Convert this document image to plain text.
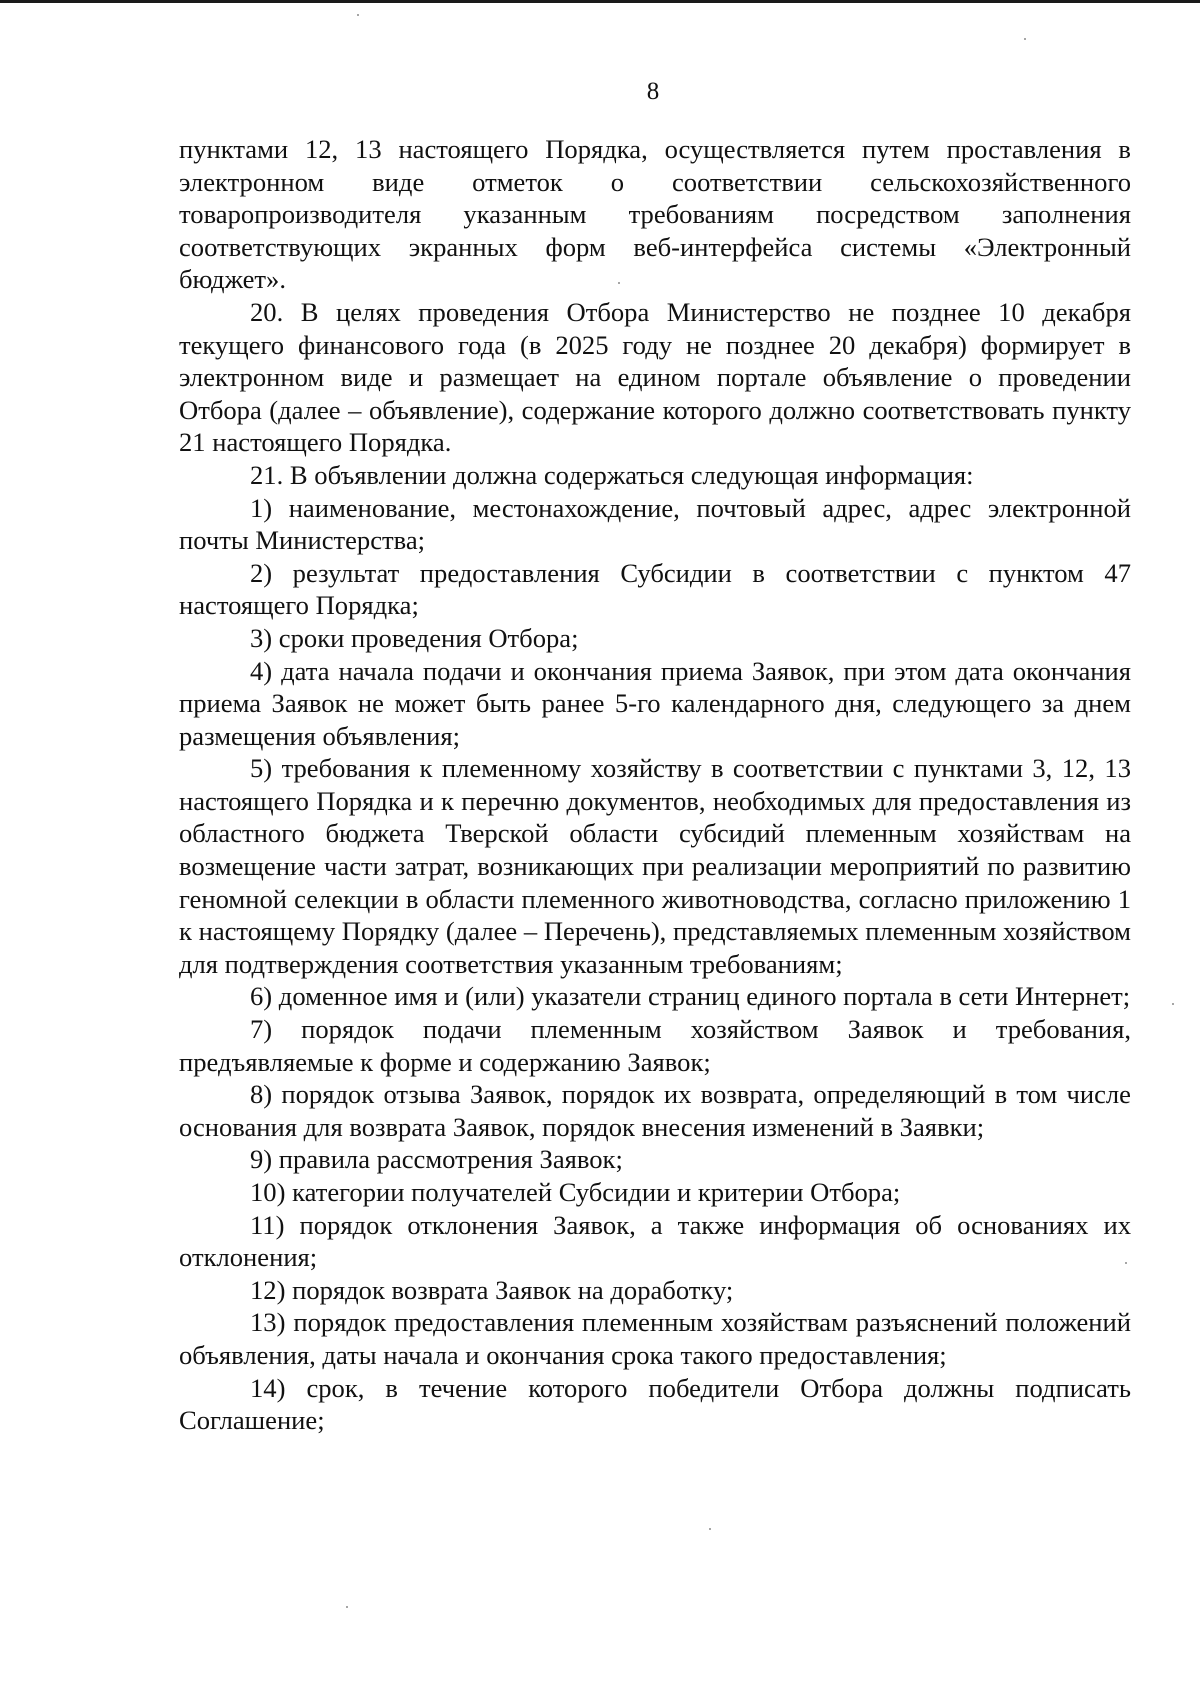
8

пунктами 12, 13 настоящего Порядка, осуществляется путем проставления в электронном виде отметок о соответствии сельскохозяйственного товаропроизводителя указанным требованиям посредством заполнения соответствующих экранных форм веб-интерфейса системы «Электронный бюджет».

20. В целях проведения Отбора Министерство не позднее 10 декабря текущего финансового года (в 2025 году не позднее 20 декабря) формирует в электронном виде и размещает на едином портале объявление о проведении Отбора (далее – объявление), содержание которого должно соответствовать пункту 21 настоящего Порядка.

21. В объявлении должна содержаться следующая информация:

1) наименование, местонахождение, почтовый адрес, адрес электронной почты Министерства;

2) результат предоставления Субсидии в соответствии с пунктом 47 настоящего Порядка;

3) сроки проведения Отбора;

4) дата начала подачи и окончания приема Заявок, при этом дата окончания приема Заявок не может быть ранее 5-го календарного дня, следующего за днем размещения объявления;

5) требования к племенному хозяйству в соответствии с пунктами 3, 12, 13 настоящего Порядка и к перечню документов, необходимых для предоставления из областного бюджета Тверской области субсидий племенным хозяйствам на возмещение части затрат, возникающих при реализации мероприятий по развитию геномной селекции в области племенного животноводства, согласно приложению 1 к настоящему Порядку (далее – Перечень), представляемых племенным хозяйством для подтверждения соответствия указанным требованиям;

6) доменное имя и (или) указатели страниц единого портала в сети Интернет;

7) порядок подачи племенным хозяйством Заявок и требования, предъявляемые к форме и содержанию Заявок;

8) порядок отзыва Заявок, порядок их возврата, определяющий в том числе основания для возврата Заявок, порядок внесения изменений в Заявки;

9) правила рассмотрения Заявок;

10) категории получателей Субсидии и критерии Отбора;

11) порядок отклонения Заявок, а также информация об основаниях их отклонения;

12) порядок возврата Заявок на доработку;

13) порядок предоставления племенным хозяйствам разъяснений положений объявления, даты начала и окончания срока такого предоставления;

14) срок, в течение которого победители Отбора должны подписать Соглашение;
